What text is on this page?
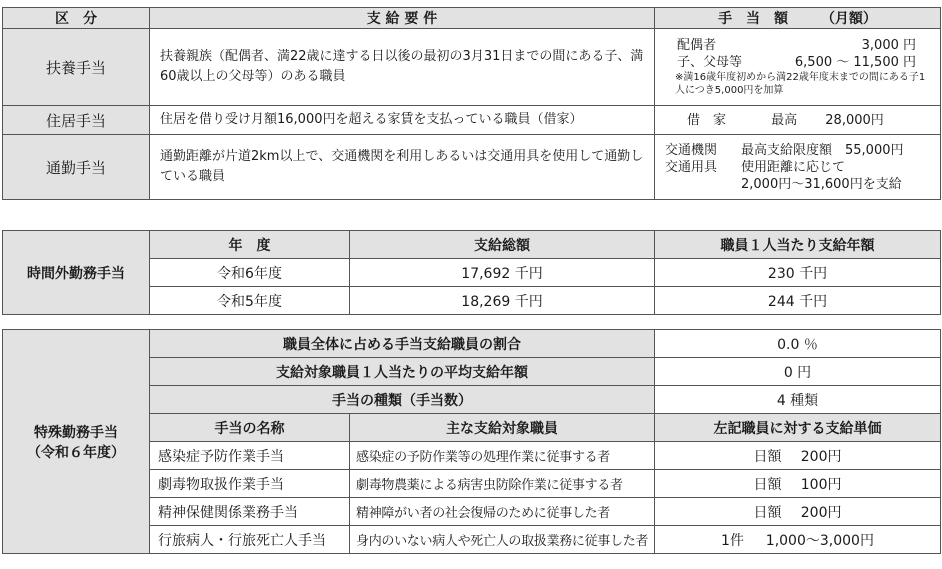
区　分	支 給 要 件	手　当　額 （月額）
扶養手当	扶養親族（配偶者、満22歳に達する日以後の最初の3月31日までの間にある子、満60歳以上の父母等）のある職員	配偶者 3,000 円
子、父母等 6,500 ～ 11,500 円
※満16歳年度初めから満22歳年度末までの間にある子1人につき5,000円を加算

住居手当	住居を借り受け月額16,000円を超える家賃を支払っている職員（借家）	借　家 最高 28,000円
通勤手当	通勤距離が片道2km以上で、交通機関を利用しあるいは交通用具を使用して通勤している職員	交通機関 最高支給限度額　55,000円
交通用具 使用距離に応じて
2,000円～31,600円を支給
時間外勤務手当	年　度	支給総額	職員１人当たり支給年額
	令和6年度	17,692 千円	230 千円
	令和5年度	18,269 千円	244 千円
特殊勤務手当
（令和６年度）	職員全体に占める手当支給職員の割合		0.0 ％
	支給対象職員１人当たりの平均支給年額		0 円
	手当の種類（手当数）		4 種類
	手当の名称	主な支給対象職員	左記職員に対する支給単価
	感染症予防作業手当	感染症の予防作業等の処理作業に従事する者	日額 200円
	劇毒物取扱作業手当	劇毒物農薬による病害虫防除作業に従事する者	日額 100円
	精神保健関係業務手当	精神障がい者の社会復帰のために従事した者	日額 200円
	行旅病人・行旅死亡人手当	身内のいない病人や死亡人の取扱業務に従事した者	1件 1,000～3,000円
